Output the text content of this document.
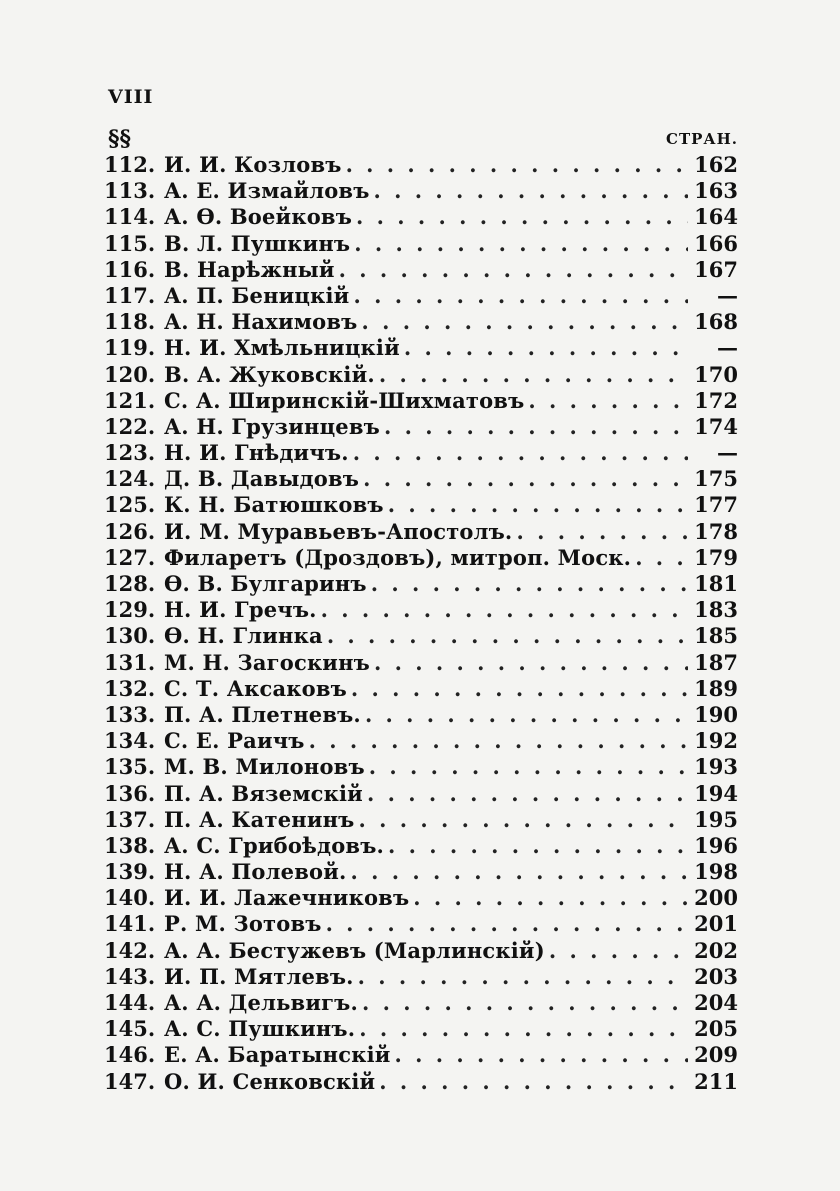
VIII
§§	СТРАН.
112. И. И. Козловъ . . .	162
113. А. Е. Измайловъ . . .	163
114. А. Ѳ. Воейковъ . . .	164
115. В. Л. Пушкинъ . . .	166
116. В. Нарѣжный . . .	167
117. А. П. Беницкій . . .	—
118. А. Н. Нахимовъ . . .	168
119. Н. И. Хмѣльницкій . . .	—
120. В. А. Жуковскій. . . .	170
121. С. А. Ширинскій-Шихматовъ . . .	172
122. А. Н. Грузинцевъ . . .	174
123. Н. И. Гнѣдичъ. . . .	—
124. Д. В. Давыдовъ . . .	175
125. К. Н. Батюшковъ . . .	177
126. И. М. Муравьевъ-Апостолъ. . . .	178
127. Филаретъ (Дроздовъ), митроп. Моск. . . .	179
128. Ѳ. В. Булгаринъ . . .	181
129. Н. И. Гречъ. . . .	183
130. Ѳ. Н. Глинка . . .	185
131. М. Н. Загоскинъ . . .	187
132. С. Т. Аксаковъ . . .	189
133. П. А. Плетневъ. . . .	190
134. С. Е. Раичъ . . .	192
135. М. В. Милоновъ . . .	193
136. П. А. Вяземскій . . .	194
137. П. А. Катенинъ . . .	195
138. А. С. Грибоѣдовъ. . . .	196
139. Н. А. Полевой. . . .	198
140. И. И. Лажечниковъ . . .	200
141. Р. М. Зотовъ . . .	201
142. А. А. Бестужевъ (Марлинскій) . . .	202
143. И. П. Мятлевъ. . . .	203
144. А. А. Дельвигъ. . . .	204
145. А. С. Пушкинъ. . . .	205
146. Е. А. Баратынскій . . .	209
147. О. И. Сенковскій . . .	211
